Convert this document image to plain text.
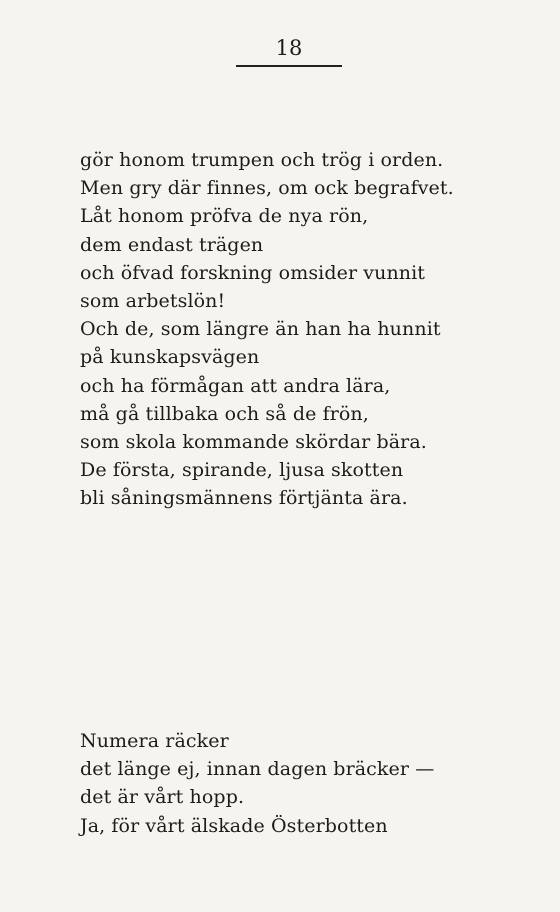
18
gör honom trumpen och trög i orden.
Men gry där finnes, om ock begrafvet.
Låt honom pröfva de nya rön,
dem endast trägen
och öfvad forskning omsider vunnit
som arbetslön!
Och de, som längre än han ha hunnit
på kunskapsvägen
och ha förmågan att andra lära,
må gå tillbaka och så de frön,
som skola kommande skördar bära.
De första, spirande, ljusa skotten
bli såningsmännens förtjänta ära.
Numera räcker
det länge ej, innan dagen bräcker —
det är vårt hopp.
Ja, för vårt älskade Österbotten
